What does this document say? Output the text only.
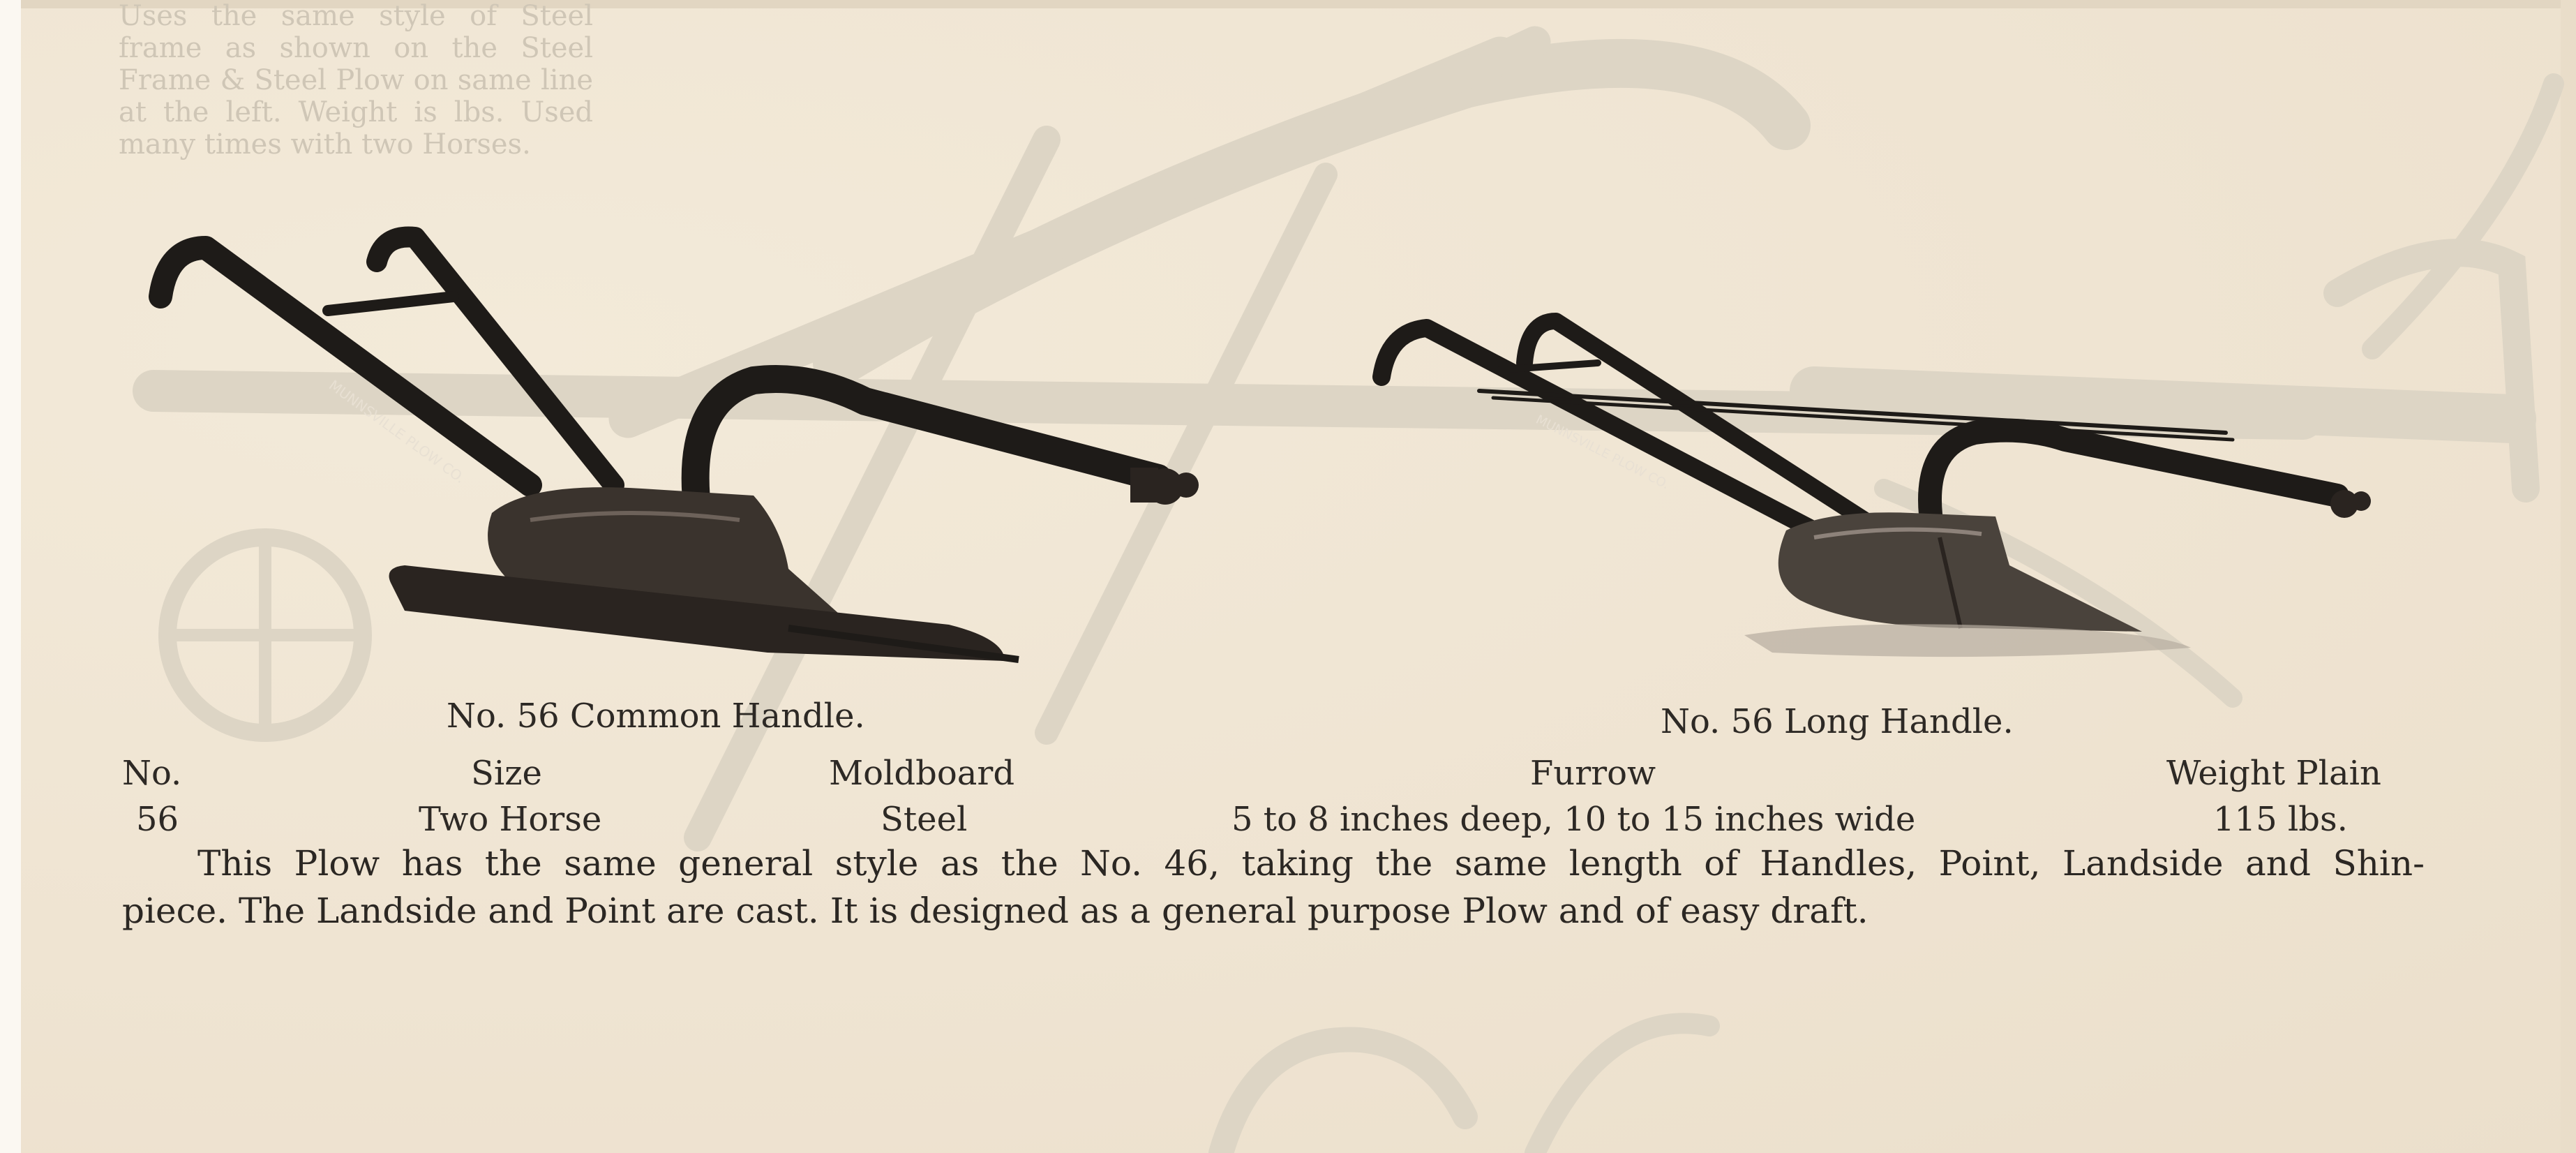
Uses the same style of Steel frame as shown on the Steel Frame & Steel Plow on same line at the left. Weight is lbs. Used many times with two Horses.
MUNNSVILLE PLOW CO.	MUNNSVILLE PLOW CO.
No. 56 Common Handle.	No. 56 Long Handle.
No.	Size	Moldboard	Furrow	Weight Plain
56	Two Horse	Steel	5 to 8 inches deep, 10 to 15 inches wide	115 lbs.
This Plow has the same general style as the No. 46, taking the same length of Handles, Point, Landside and Shin-
piece. The Landside and Point are cast. It is designed as a general purpose Plow and of easy draft.
